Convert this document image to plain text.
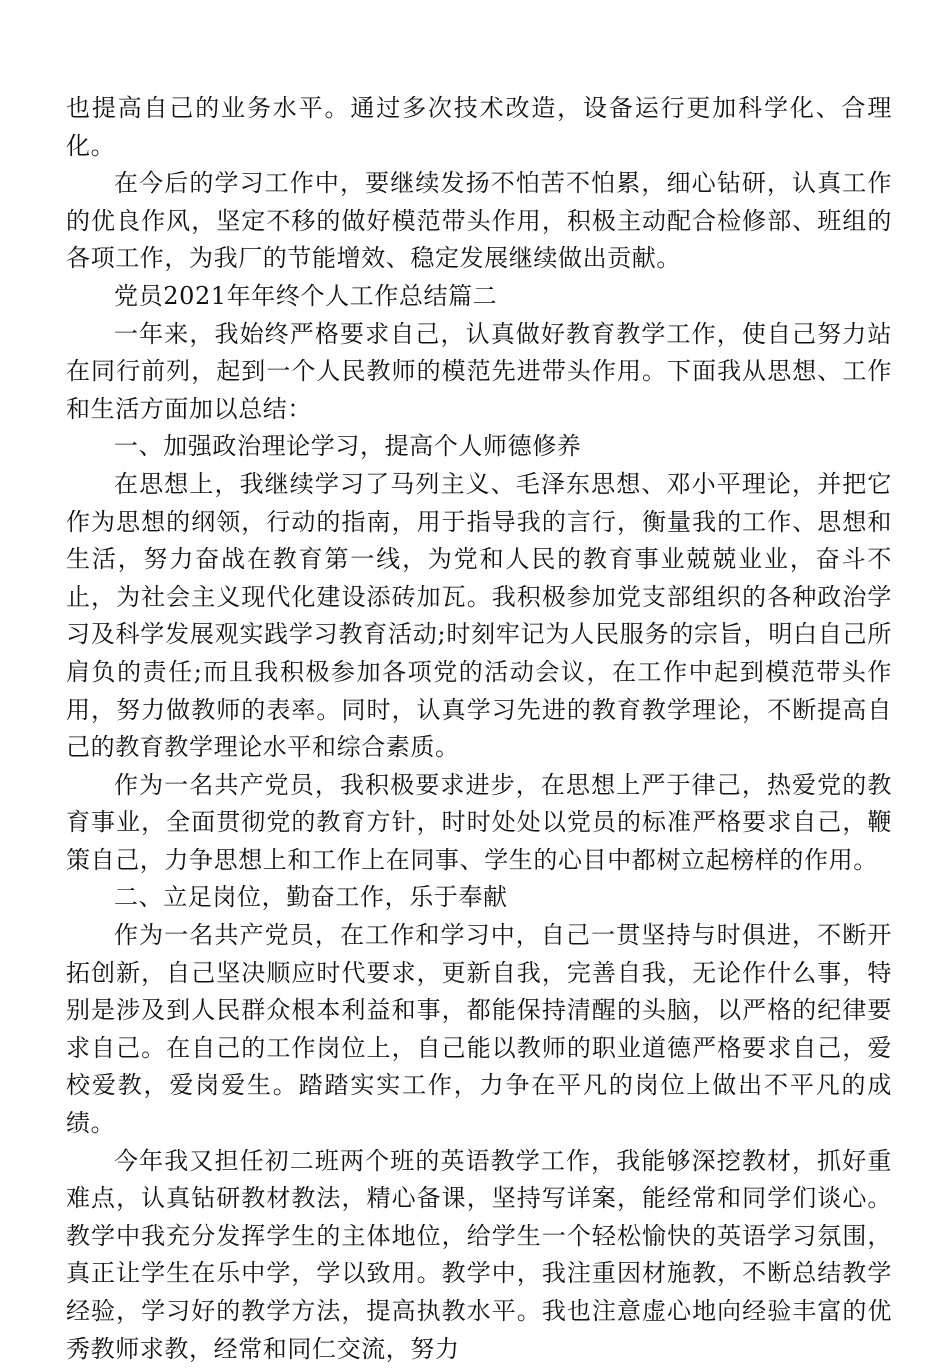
也提高自己的业务水平。通过多次技术改造，设备运行更加科学化、合理化。

在今后的学习工作中，要继续发扬不怕苦不怕累，细心钻研，认真工作的优良作风，坚定不移的做好模范带头作用，积极主动配合检修部、班组的各项工作，为我厂的节能增效、稳定发展继续做出贡献。

党员2021年年终个人工作总结篇二

一年来，我始终严格要求自己，认真做好教育教学工作，使自己努力站在同行前列，起到一个人民教师的模范先进带头作用。下面我从思想、工作和生活方面加以总结：

一、加强政治理论学习，提高个人师德修养

在思想上，我继续学习了马列主义、毛泽东思想、邓小平理论，并把它作为思想的纲领，行动的指南，用于指导我的言行，衡量我的工作、思想和生活，努力奋战在教育第一线，为党和人民的教育事业兢兢业业，奋斗不止，为社会主义现代化建设添砖加瓦。我积极参加党支部组织的各种政治学习及科学发展观实践学习教育活动;时刻牢记为人民服务的宗旨，明白自己所肩负的责任;而且我积极参加各项党的活动会议，在工作中起到模范带头作用，努力做教师的表率。同时，认真学习先进的教育教学理论，不断提高自己的教育教学理论水平和综合素质。

作为一名共产党员，我积极要求进步，在思想上严于律己，热爱党的教育事业，全面贯彻党的教育方针，时时处处以党员的标准严格要求自己，鞭策自己，力争思想上和工作上在同事、学生的心目中都树立起榜样的作用。

二、立足岗位，勤奋工作，乐于奉献

作为一名共产党员，在工作和学习中，自己一贯坚持与时俱进，不断开拓创新，自己坚决顺应时代要求，更新自我，完善自我，无论作什么事，特别是涉及到人民群众根本利益和事，都能保持清醒的头脑，以严格的纪律要求自己。在自己的工作岗位上，自己能以教师的职业道德严格要求自己，爱校爱教，爱岗爱生。踏踏实实工作，力争在平凡的岗位上做出不平凡的成绩。

今年我又担任初二班两个班的英语教学工作，我能够深挖教材，抓好重难点，认真钻研教材教法，精心备课，坚持写详案，能经常和同学们谈心。教学中我充分发挥学生的主体地位，给学生一个轻松愉快的英语学习氛围，真正让学生在乐中学，学以致用。教学中，我注重因材施教，不断总结教学经验，学习好的教学方法，提高执教水平。我也注意虚心地向经验丰富的优秀教师求教，经常和同仁交流，努力
